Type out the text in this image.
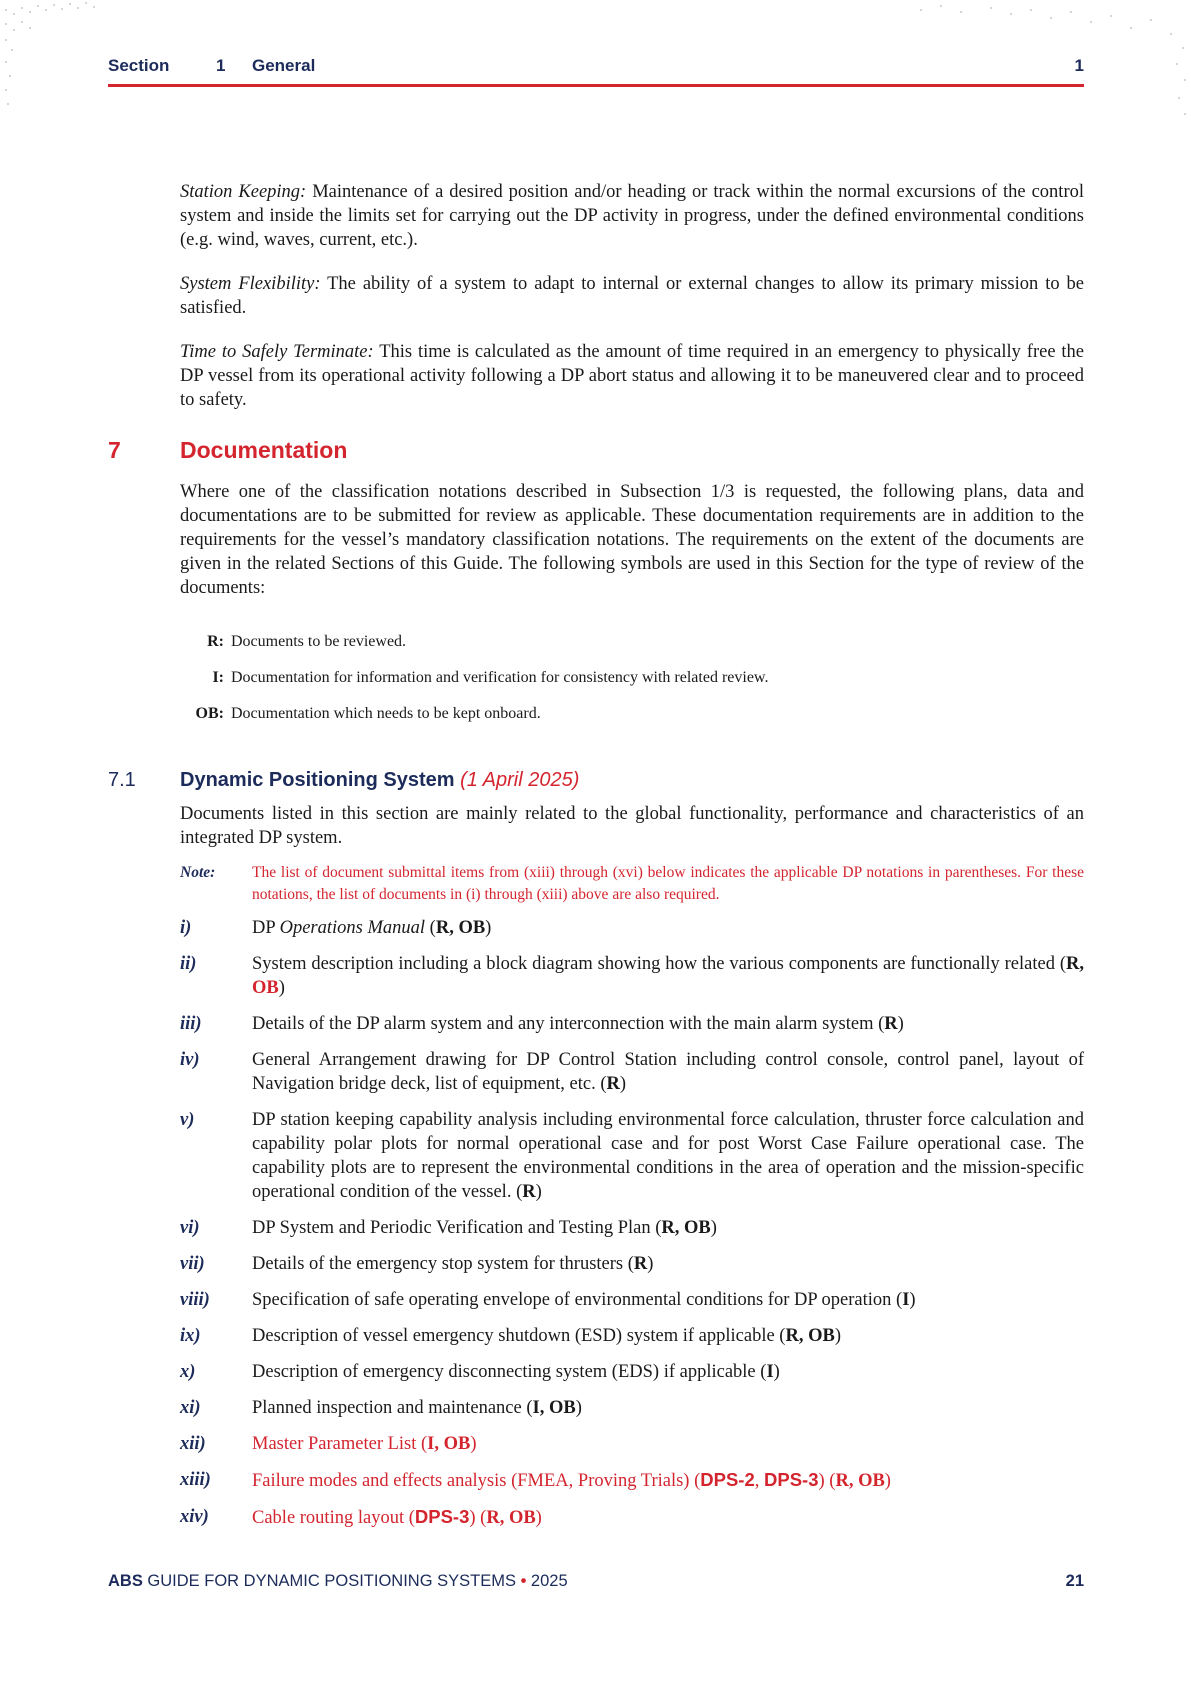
Section	1 General	1

Station Keeping: Maintenance of a desired position and/or heading or track within the normal excursions of the control system and inside the limits set for carrying out the DP activity in progress, under the defined environmental conditions (e.g. wind, waves, current, etc.).

System Flexibility: The ability of a system to adapt to internal or external changes to allow its primary mission to be satisfied.

Time to Safely Terminate: This time is calculated as the amount of time required in an emergency to physically free the DP vessel from its operational activity following a DP abort status and allowing it to be maneuvered clear and to proceed to safety.

7	Documentation

Where one of the classification notations described in Subsection 1/3 is requested, the following plans, data and documentations are to be submitted for review as applicable. These documentation requirements are in addition to the requirements for the vessel’s mandatory classification notations. The requirements on the extent of the documents are given in the related Sections of this Guide. The following symbols are used in this Section for the type of review of the documents:

R: Documents to be reviewed.
I: Documentation for information and verification for consistency with related review.
OB: Documentation which needs to be kept onboard.
7.1 Dynamic Positioning System (1 April 2025)

Documents listed in this section are mainly related to the global functionality, performance and characteristics of an integrated DP system.

Note: The list of document submittal items from (xiii) through (xvi) below indicates the applicable DP notations in parentheses. For these notations, the list of documents in (i) through (xiii) above are also required.
i)	DP Operations Manual (R, OB)
ii)	System description including a block diagram showing how the various components are functionally related (R, OB)
iii)	Details of the DP alarm system and any interconnection with the main alarm system (R)
iv)	General Arrangement drawing for DP Control Station including control console, control panel, layout of Navigation bridge deck, list of equipment, etc. (R)
v)	DP station keeping capability analysis including environmental force calculation, thruster force calculation and capability polar plots for normal operational case and for post Worst Case Failure operational case. The capability plots are to represent the environmental conditions in the area of operation and the mission-specific operational condition of the vessel. (R)
vi)	DP System and Periodic Verification and Testing Plan (R, OB)
vii)	Details of the emergency stop system for thrusters (R)
viii) Specification of safe operating envelope of environmental conditions for DP operation (I)
ix)	Description of vessel emergency shutdown (ESD) system if applicable (R, OB)
x)	Description of emergency disconnecting system (EDS) if applicable (I)
xi)	Planned inspection and maintenance (I, OB)
xii)	Master Parameter List (I, OB)
xiii) Failure modes and effects analysis (FMEA, Proving Trials) (DPS-2, DPS-3) (R, OB)
xiv) Cable routing layout (DPS-3) (R, OB)
ABS GUIDE FOR DYNAMIC POSITIONING SYSTEMS • 2025	21
